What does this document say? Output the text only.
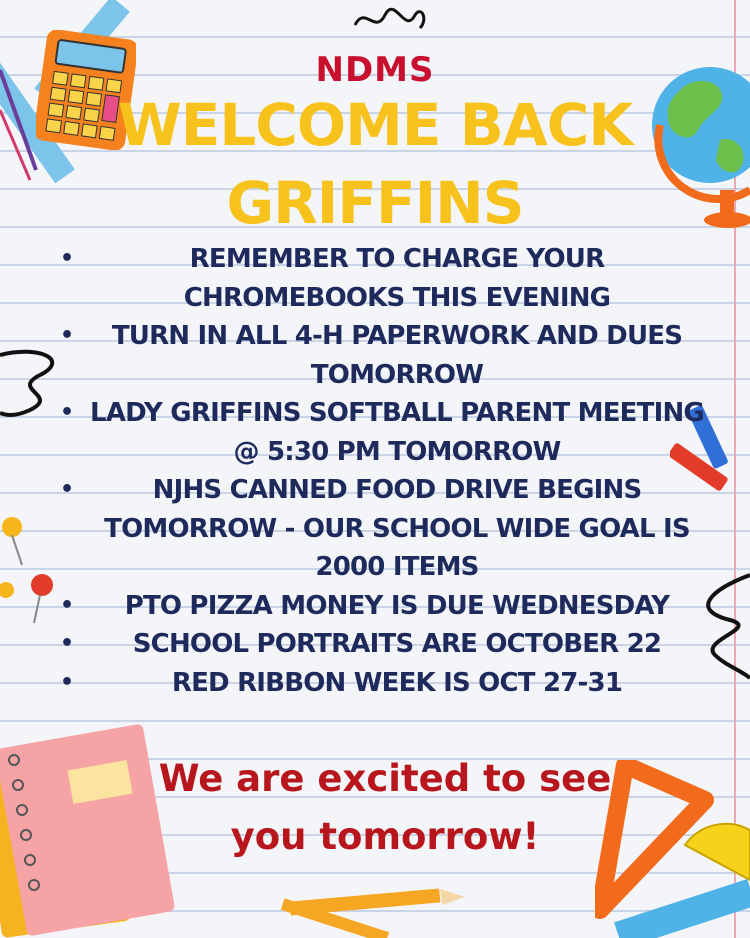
NDMS
WELCOME BACK GRIFFINS
• REMEMBER TO CHARGE YOUR CHROMEBOOKS THIS EVENING
• TURN IN ALL 4-H PAPERWORK AND DUES TOMORROW
• LADY GRIFFINS SOFTBALL PARENT MEETING @ 5:30 PM TOMORROW
• NJHS CANNED FOOD DRIVE BEGINS TOMORROW - OUR SCHOOL WIDE GOAL IS 2000 ITEMS
• PTO PIZZA MONEY IS DUE WEDNESDAY
• SCHOOL PORTRAITS ARE OCTOBER 22
• RED RIBBON WEEK IS OCT 27-31
We are excited to see you tomorrow!
